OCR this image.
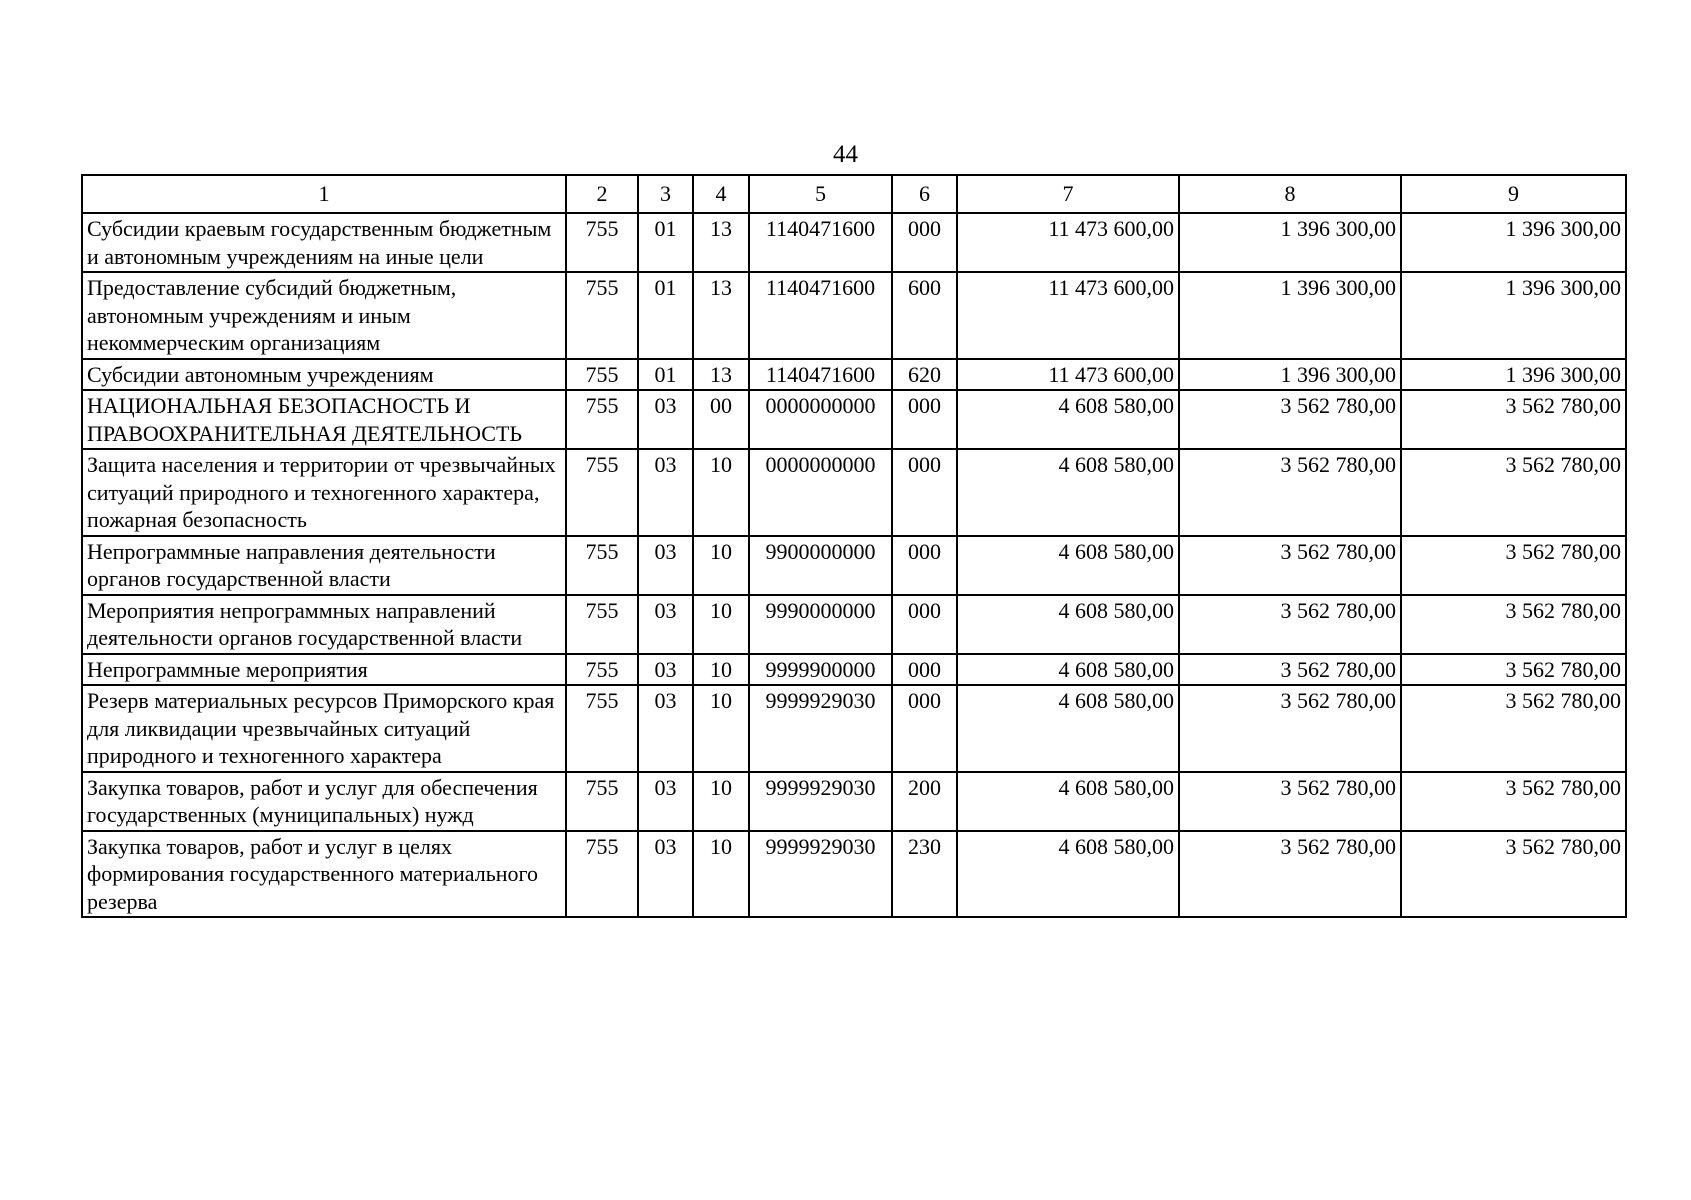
44
1	2	3	4	5	6	7	8	9
Субсидии краевым государственным бюджетным и автономным учреждениям на иные цели	755	01	13	1140471600	000	11 473 600,00	1 396 300,00	1 396 300,00
Предоставление субсидий бюджетным, автономным учреждениям и иным некоммерческим организациям	755	01	13	1140471600	600	11 473 600,00	1 396 300,00	1 396 300,00
Субсидии автономным учреждениям	755	01	13	1140471600	620	11 473 600,00	1 396 300,00	1 396 300,00
НАЦИОНАЛЬНАЯ БЕЗОПАСНОСТЬ И ПРАВООХРАНИТЕЛЬНАЯ ДЕЯТЕЛЬНОСТЬ	755	03	00	0000000000	000	4 608 580,00	3 562 780,00	3 562 780,00
Защита населения и территории от чрезвычайных ситуаций природного и техногенного характера, пожарная безопасность	755	03	10	0000000000	000	4 608 580,00	3 562 780,00	3 562 780,00
Непрограммные направления деятельности органов государственной власти	755	03	10	9900000000	000	4 608 580,00	3 562 780,00	3 562 780,00
Мероприятия непрограммных направлений деятельности органов государственной власти	755	03	10	9990000000	000	4 608 580,00	3 562 780,00	3 562 780,00
Непрограммные мероприятия	755	03	10	9999900000	000	4 608 580,00	3 562 780,00	3 562 780,00
Резерв материальных ресурсов Приморского края для ликвидации чрезвычайных ситуаций природного и техногенного характера	755	03	10	9999929030	000	4 608 580,00	3 562 780,00	3 562 780,00
Закупка товаров, работ и услуг для обеспечения государственных (муниципальных) нужд	755	03	10	9999929030	200	4 608 580,00	3 562 780,00	3 562 780,00
Закупка товаров, работ и услуг в целях формирования государственного материального резерва	755	03	10	9999929030	230	4 608 580,00	3 562 780,00	3 562 780,00
